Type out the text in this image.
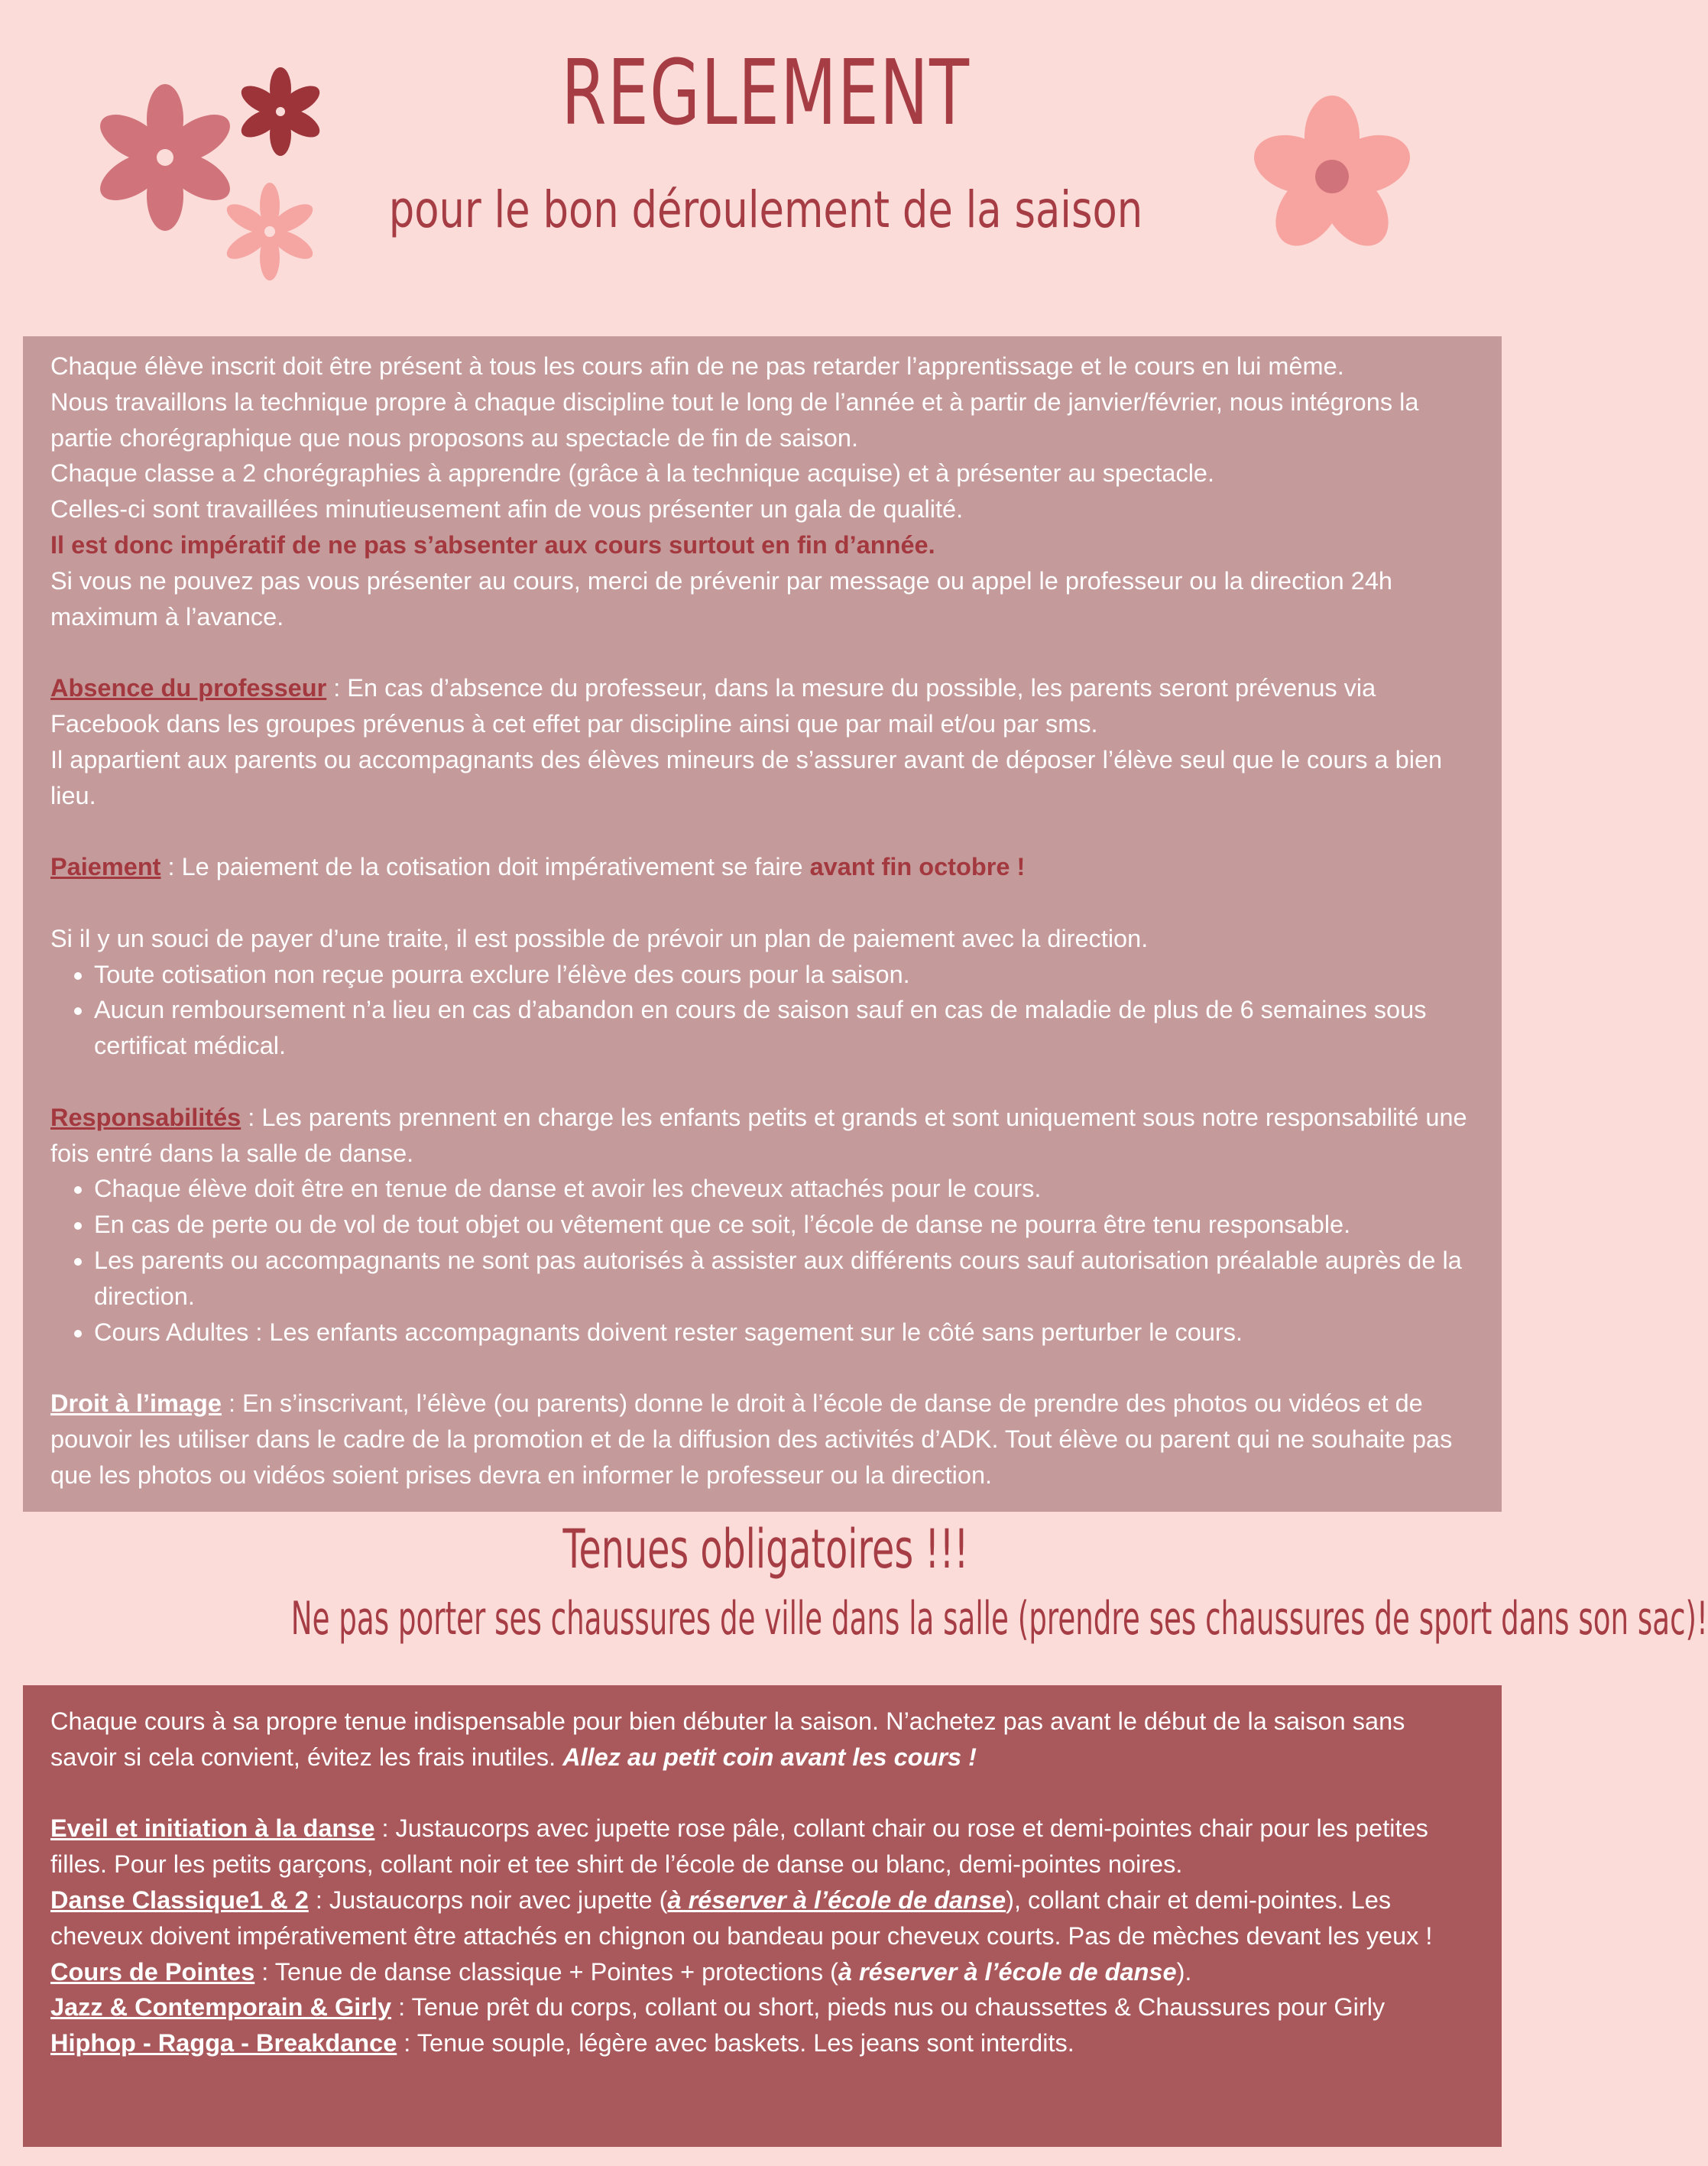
REGLEMENT
pour le bon déroulement de la saison

Chaque élève inscrit doit être présent à tous les cours afin de ne pas retarder l’apprentissage et le cours en lui même.

Nous travaillons la technique propre à chaque discipline tout le long de l’année et à partir de janvier/février, nous intégrons la partie chorégraphique que nous proposons au spectacle de fin de saison.

Chaque classe a 2 chorégraphies à apprendre (grâce à la technique acquise) et à présenter au spectacle.

Celles-ci sont travaillées minutieusement afin de vous présenter un gala de qualité.

Il est donc impératif de ne pas s’absenter aux cours surtout en fin d’année.

Si vous ne pouvez pas vous présenter au cours, merci de prévenir par message ou appel le professeur ou la direction 24h maximum à l’avance.

Absence du professeur : En cas d’absence du professeur, dans la mesure du possible, les parents seront prévenus via Facebook dans les groupes prévenus à cet effet par discipline ainsi que par mail et/ou par sms.

Il appartient aux parents ou accompagnants des élèves mineurs de s’assurer avant de déposer l’élève seul que le cours a bien lieu.

Paiement : Le paiement de la cotisation doit impérativement se faire avant fin octobre !

Si il y un souci de payer d’une traite, il est possible de prévoir un plan de paiement avec la direction.

• Toute cotisation non reçue pourra exclure l’élève des cours pour la saison.
• Aucun remboursement n’a lieu en cas d’abandon en cours de saison sauf en cas de maladie de plus de 6 semaines sous certificat médical.

Responsabilités : Les parents prennent en charge les enfants petits et grands et sont uniquement sous notre responsabilité une fois entré dans la salle de danse.

• Chaque élève doit être en tenue de danse et avoir les cheveux attachés pour le cours.
• En cas de perte ou de vol de tout objet ou vêtement que ce soit, l’école de danse ne pourra être tenu responsable.
• Les parents ou accompagnants ne sont pas autorisés à assister aux différents cours sauf autorisation préalable auprès de la direction.
• Cours Adultes : Les enfants accompagnants doivent rester sagement sur le côté sans perturber le cours.

Droit à l’image : En s’inscrivant, l’élève (ou parents) donne le droit à l’école de danse de prendre des photos ou vidéos et de pouvoir les utiliser dans le cadre de la promotion et de la diffusion des activités d’ADK. Tout élève ou parent qui ne souhaite pas que les photos ou vidéos soient prises devra en informer le professeur ou la direction.

Tenues obligatoires !!!
Ne pas porter ses chaussures de ville dans la salle (prendre ses chaussures de sport dans son sac)!

Chaque cours à sa propre tenue indispensable pour bien débuter la saison. N’achetez pas avant le début de la saison sans savoir si cela convient, évitez les frais inutiles. Allez au petit coin avant les cours !

Eveil et initiation à la danse : Justaucorps avec jupette rose pâle, collant chair ou rose et demi-pointes chair pour les petites filles. Pour les petits garçons, collant noir et tee shirt de l’école de danse ou blanc, demi-pointes noires.

Danse Classique1 & 2 : Justaucorps noir avec jupette (à réserver à l’école de danse), collant chair et demi-pointes. Les cheveux doivent impérativement être attachés en chignon ou bandeau pour cheveux courts. Pas de mèches devant les yeux !

Cours de Pointes : Tenue de danse classique + Pointes + protections (à réserver à l’école de danse).

Jazz & Contemporain & Girly : Tenue prêt du corps, collant ou short, pieds nus ou chaussettes & Chaussures pour Girly

Hiphop - Ragga - Breakdance : Tenue souple, légère avec baskets. Les jeans sont interdits.
